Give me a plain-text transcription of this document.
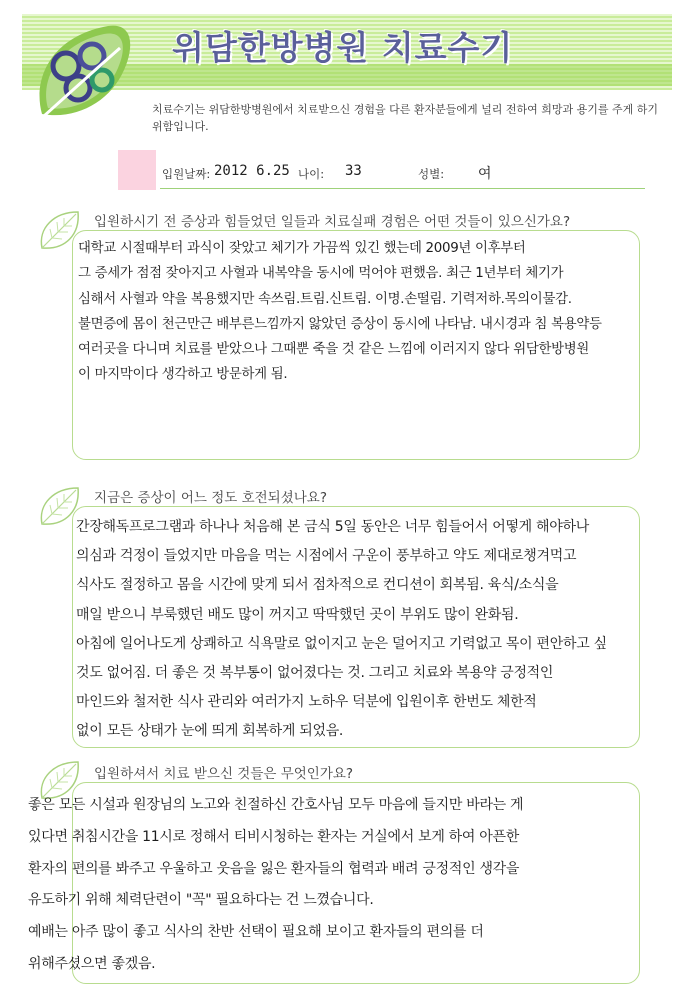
위담한방병원 치료수기
치료수기는 위담한방병원에서 치료받으신 경험을 다른 환자분들에게 널리 전하여 희망과 용기를 주게 하기 위함입니다.
입원날짜: 2012 6.25 나이: 33	성별: 여
입원하시기 전 증상과 힘들었던 일들과 치료실패 경험은 어떤 것들이 있으신가요?
대학교 시절때부터 과식이 잦았고 체기가 가끔씩 있긴 했는데 2009년 이후부터
그 증세가 점점 잦아지고 사혈과 내복약을 동시에 먹어야 편했음. 최근 1년부터 체기가
심해서 사혈과 약을 복용했지만 속쓰림.트림.신트림. 이명.손떨림. 기력저하.목의이물감.
불면증에 몸이 천근만근 배부른느낌까지 앓았던 증상이 동시에 나타남. 내시경과 침 복용약등
여러곳을 다니며 치료를 받았으나 그때뿐 죽을 것 같은 느낌에 이러지지 않다 위담한방병원
이 마지막이다 생각하고 방문하게 됨.
지금은 증상이 어느 정도 호전되셨나요?
간장해독프로그램과 하나나 처음해 본 금식 5일 동안은 너무 힘들어서 어떻게 해야하나
의심과 걱정이 들었지만 마음을 먹는 시점에서 구운이 풍부하고 약도 제대로챙겨먹고
식사도 절정하고 몸을 시간에 맞게 되서 점차적으로 컨디션이 회복됨. 육식/소식을
매일 받으니 부룩했던 배도 많이 꺼지고 딱딱했던 곳이 부위도 많이 완화됨.
아침에 일어나도게 상쾌하고 식욕말로 없이지고 눈은 덜어지고 기력없고 목이 편안하고 싶
것도 없어짐. 더 좋은 것 복부통이 없어졌다는 것. 그리고 치료와 복용약 긍정적인
마인드와 철저한 식사 관리와 여러가지 노하우 덕분에 입원이후 한번도 체한적
없이 모든 상태가 눈에 띄게 회복하게 되었음.
입원하셔서 치료 받으신 것들은 무엇인가요?
좋은 모든 시설과 원장님의 노고와 친절하신 간호사님 모두 마음에 들지만 바라는 게
있다면 취침시간을 11시로 정해서 티비시청하는 환자는 거실에서 보게 하여 아픈한
환자의 편의를 봐주고 우울하고 웃음을 잃은 환자들의 협력과 배려 긍정적인 생각을
유도하기 위해 체력단련이 "꼭" 필요하다는 건 느꼈습니다.
예배는 아주 많이 좋고 식사의 찬반 선택이 필요해 보이고 환자들의 편의를 더
위해주셨으면 좋겠음.
